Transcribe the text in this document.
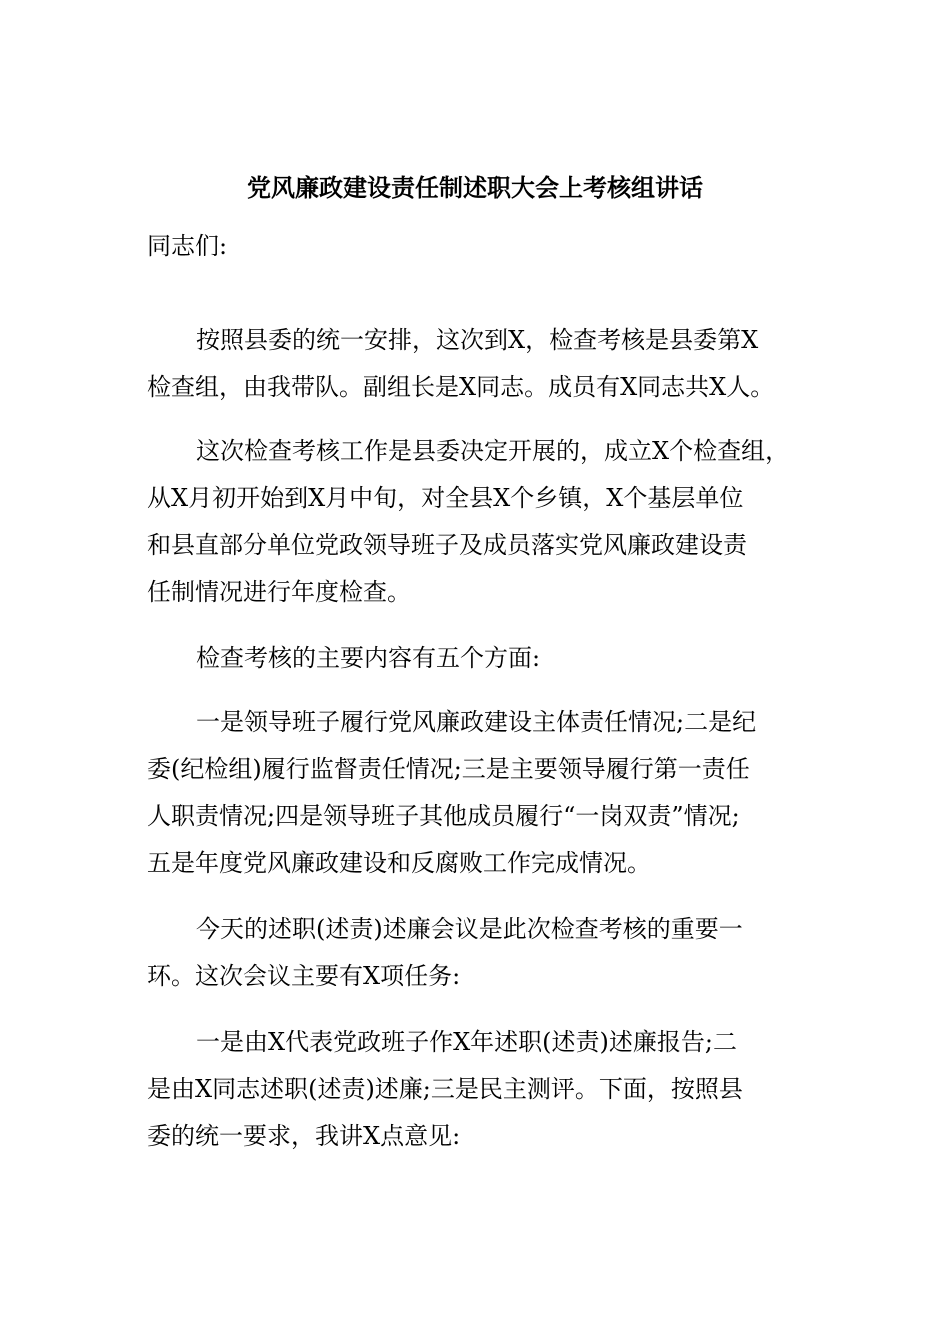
党风廉政建设责任制述职大会上考核组讲话
同志们:
按照县委的统一安排，这次到X，检查考核是县委第X
检查组，由我带队。副组长是X同志。成员有X同志共X人。
这次检查考核工作是县委决定开展的，成立X个检查组，
从X月初开始到X月中旬，对全县X个乡镇，X个基层单位
和县直部分单位党政领导班子及成员落实党风廉政建设责
任制情况进行年度检查。
检查考核的主要内容有五个方面:
一是领导班子履行党风廉政建设主体责任情况;二是纪
委(纪检组)履行监督责任情况;三是主要领导履行第一责任
人职责情况;四是领导班子其他成员履行“一岗双责”情况;
五是年度党风廉政建设和反腐败工作完成情况。
今天的述职(述责)述廉会议是此次检查考核的重要一
环。这次会议主要有X项任务:
一是由X代表党政班子作X年述职(述责)述廉报告;二
是由X同志述职(述责)述廉;三是民主测评。下面，按照县
委的统一要求，我讲X点意见:
